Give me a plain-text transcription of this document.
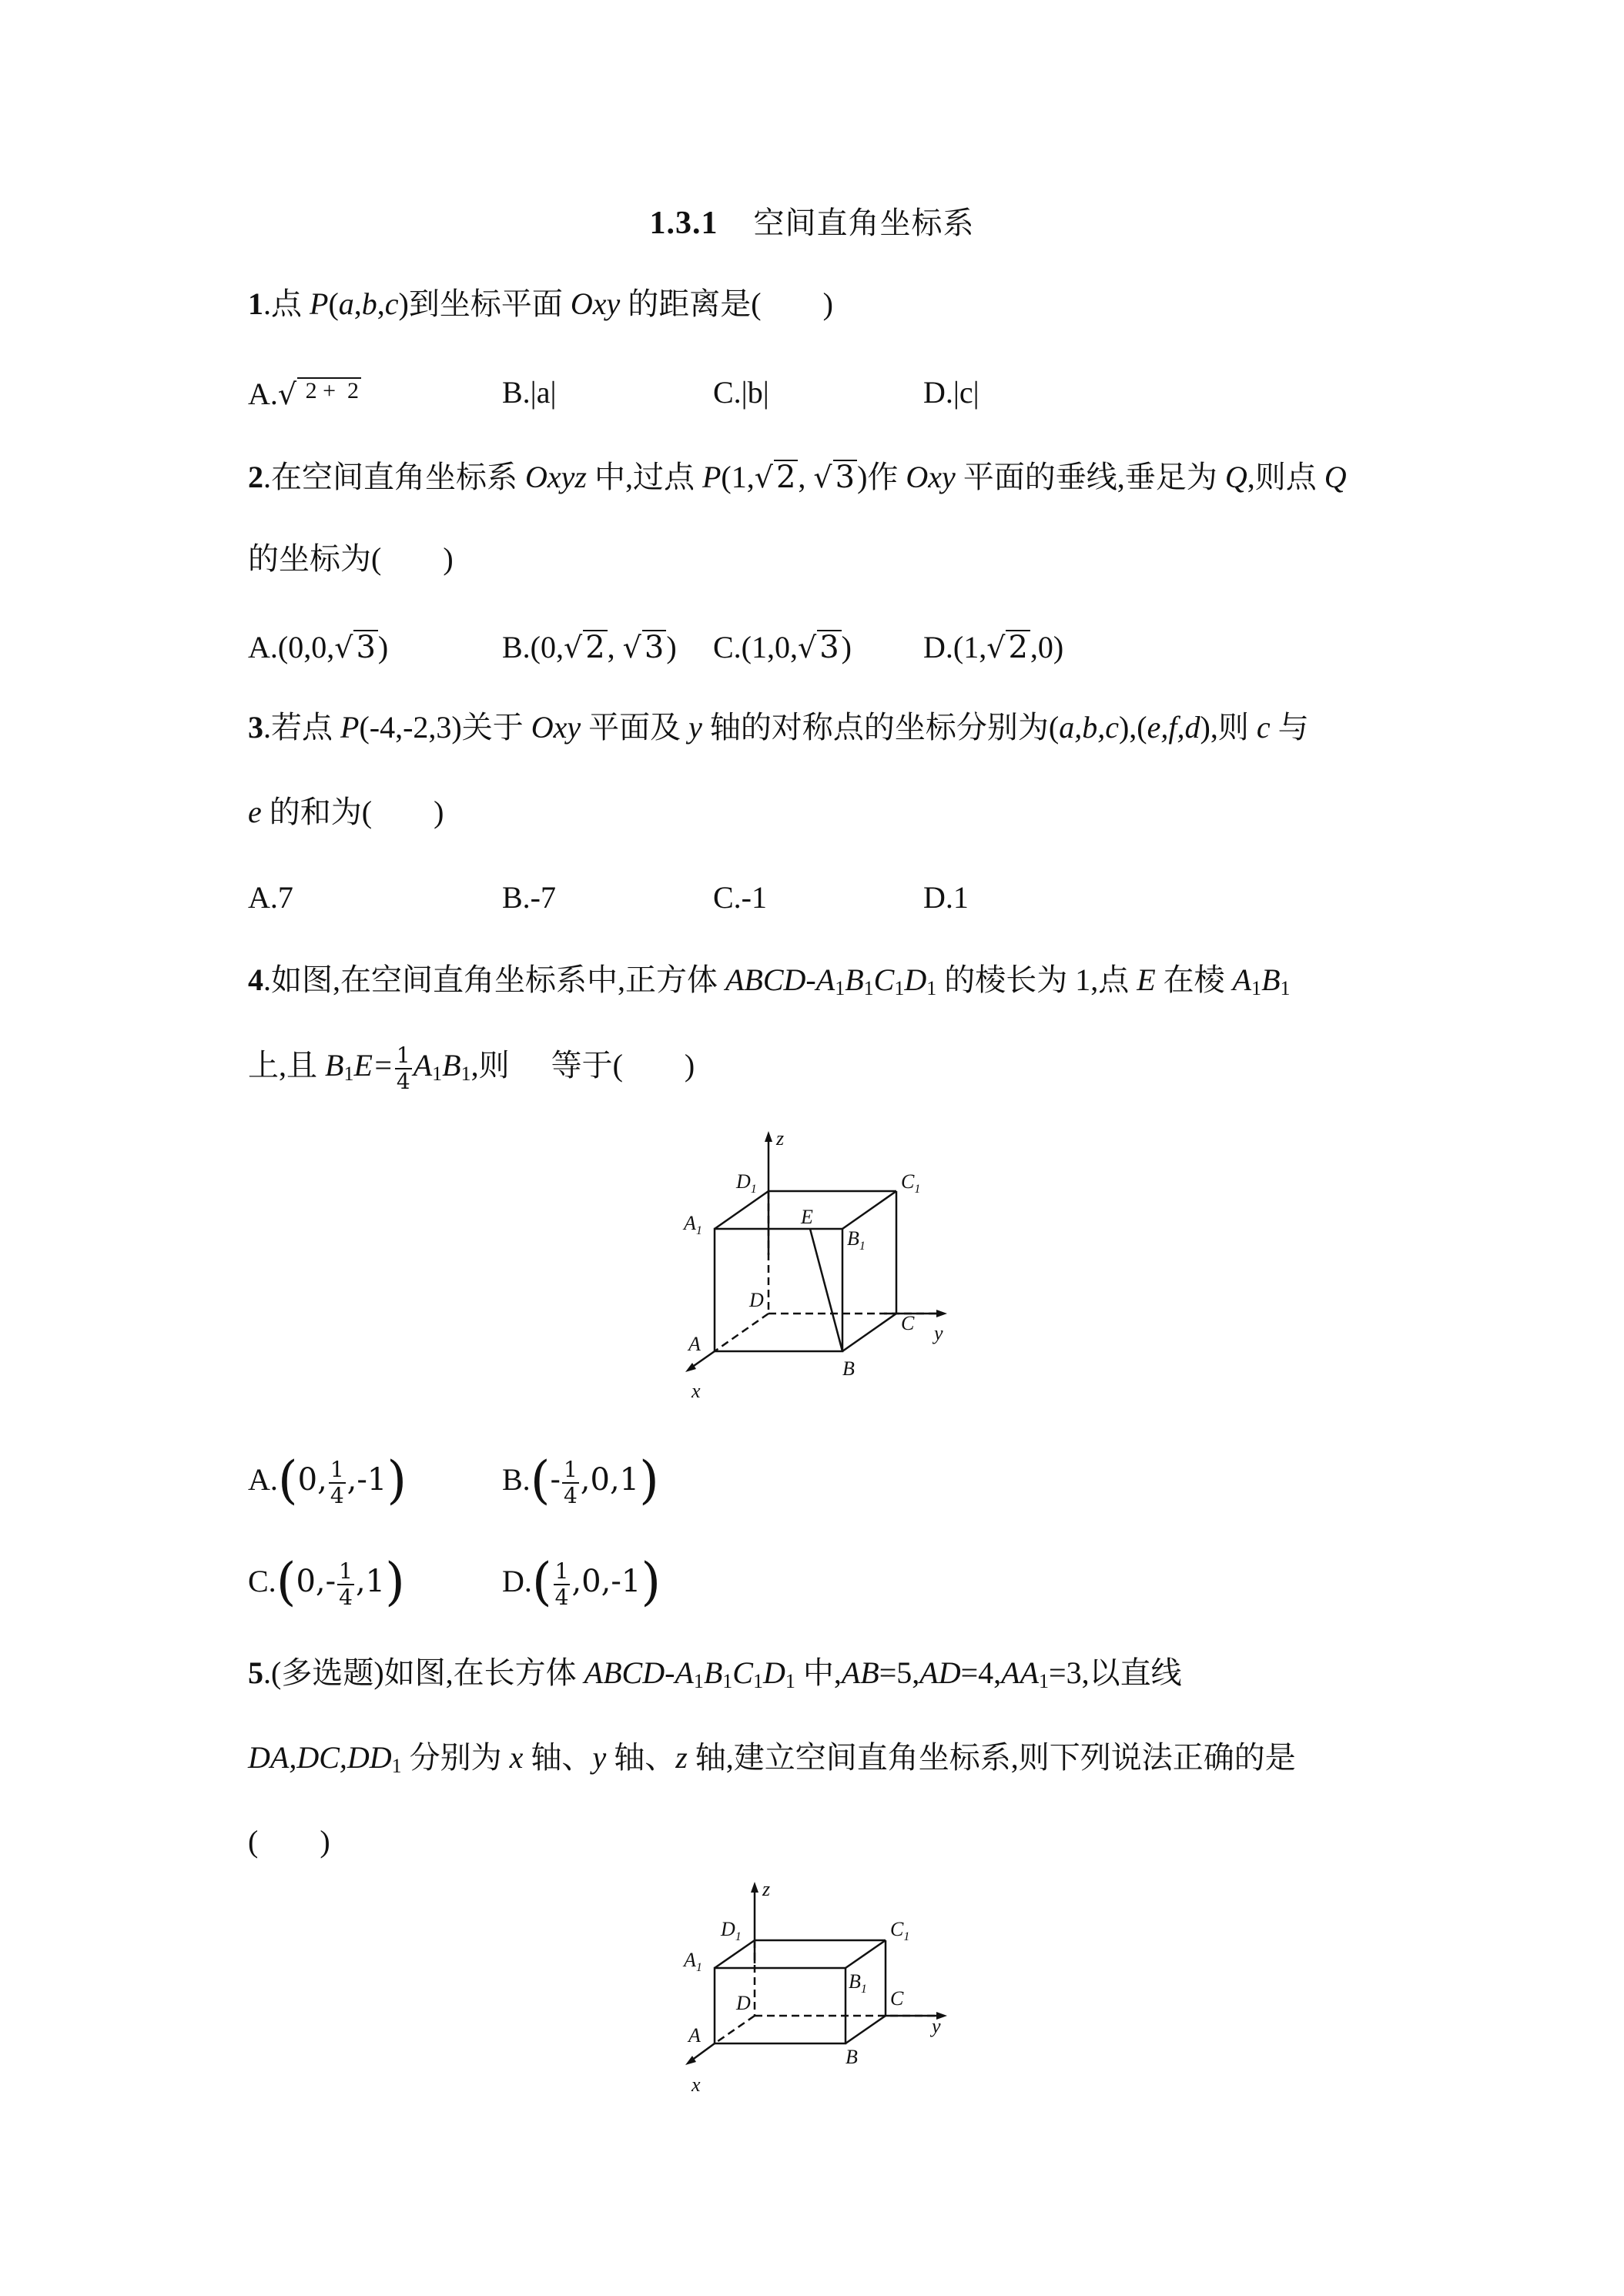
1.3.1 空间直角坐标系
1.点 P(a,b,c)到坐标平面 Oxy 的距离是(　　)
A.√ 2 +  2	B.|a|	C.|b|	D.|c|
2.在空间直角坐标系 Oxyz 中,过点 P(1,√ 2, √ 3)作 Oxy 平面的垂线,垂足为 Q,则点 Q
的坐标为(　　)
A.(0,0,√ 3)	B.(0,√ 2, √ 3) C.(1,0,√ 3) D.(1,√ 2,0)
3.若点 P(-4,-2,3)关于 Oxy 平面及 y 轴的对称点的坐标分别为(a,b,c),(e,f,d),则 c 与
e 的和为(　　)
A.7	B.-7	C.-1	D.1
4.如图,在空间直角坐标系中,正方体 ABCD-$A_1B_1C_1D_1$ 的棱长为 1,点 E 在棱 $A_1B_1$
上,且 $B_1E= \frac{1}{4} A_1B_1$,则  等于(　　)
z
$D_1$	$C_1$
$A_1$
E
$B_1$
D
C y
A
B
x
A.(0, $\frac{1}{4} ,-1$)	$B.(- \frac{1}{4} ,0,1)$
$C.(0,- \frac{1}{4} ,1)$	$D.( \frac{1}{4} ,0,-1)$
5.(多选题)如图,在长方体 ABCD-$A_1B_1C_1D_1$ 中$,AB=5,AD=4,AA_1=3$,以直线
$DA,DC,DD_1$ 分别为 x 轴、y 轴、z 轴,建立空间直角坐标系,则下列说法正确的是
(　　)
z
$D_1$	$C_1$
$A_1$
$B_1$
D	C
y
A
B
x
